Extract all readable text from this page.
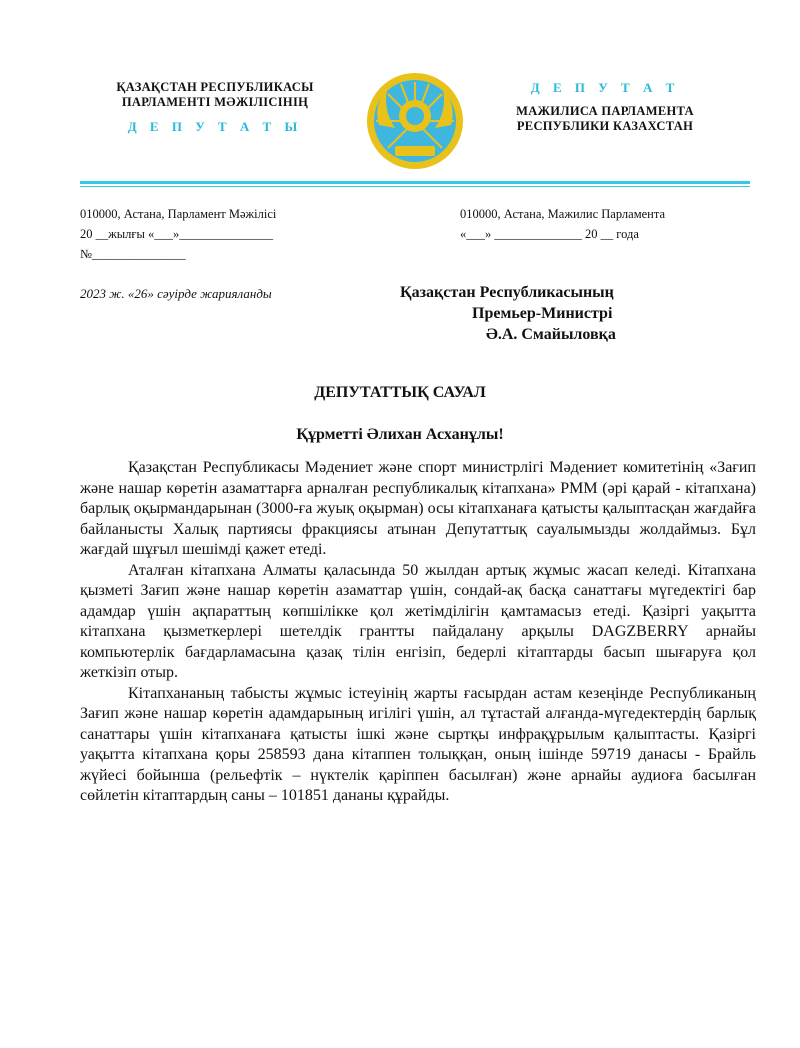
ҚАЗАҚСТАН РЕСПУБЛИКАСЫ
ПАРЛАМЕНТІ МӘЖІЛІСІНІҢ
Д Е П У Т А Т Ы
Д Е П У Т А Т
МАЖИЛИСА ПАРЛАМЕНТА
РЕСПУБЛИКИ КАЗАХСТАН
010000, Астана, Парламент Мәжілісі
20 __жылғы «___»_______________
№_______________
010000, Астана, Мажилис Парламента
«___» ______________ 20 __ года
2023 ж. «26» сәуірде жарияланды	Қазақстан Республикасының
Премьер-Министрі
Ә.А. Смайыловқа
ДЕПУТАТТЫҚ САУАЛ
Құрметті Әлихан Асханұлы!

Қазақстан Республикасы Мәдениет және спорт министрлігі Мәдениет комитетінің «Зағип және нашар көретін азаматтарға арналған республикалық кітапхана» РММ (әрі қарай - кітапхана) барлық оқырмандарынан (3000-ға жуық оқырман) осы кітапханаға қатысты қалыптасқан жағдайға байланысты Халық партиясы фракциясы атынан Депутаттық сауалымызды жолдаймыз. Бұл жағдай шұғыл шешімді қажет етеді.

Аталған кітапхана Алматы қаласында 50 жылдан артық жұмыс жасап келеді. Кітапхана қызметі Зағип және нашар көретін азаматтар үшін, сондай-ақ басқа санаттағы мүгедектігі бар адамдар үшін ақпараттың көпшілікке қол жетімділігін қамтамасыз етеді. Қазіргі уақытта кітапхана қызметкерлері шетелдік грантты пайдалану арқылы DAGZBERRY арнайы компьютерлік бағдарламасына қазақ тілін енгізіп, бедерлі кітаптарды басып шығаруға қол жеткізіп отыр.

Кітапхананың табысты жұмыс істеуінің жарты ғасырдан астам кезеңінде Республиканың Зағип және нашар көретін адамдарының игілігі үшін, ал тұтастай алғанда-мүгедектердің барлық санаттары үшін кітапханаға қатысты ішкі және сыртқы инфрақұрылым қалыптасты. Қазіргі уақытта кітапхана қоры 258593 дана кітаппен толыққан, оның ішінде 59719 данасы - Брайль жүйесі бойынша (рельефтік – нүктелік қаріппен басылған) және арнайы аудиоға басылған сөйлетін кітаптардың саны – 101851 дананы құрайды.
